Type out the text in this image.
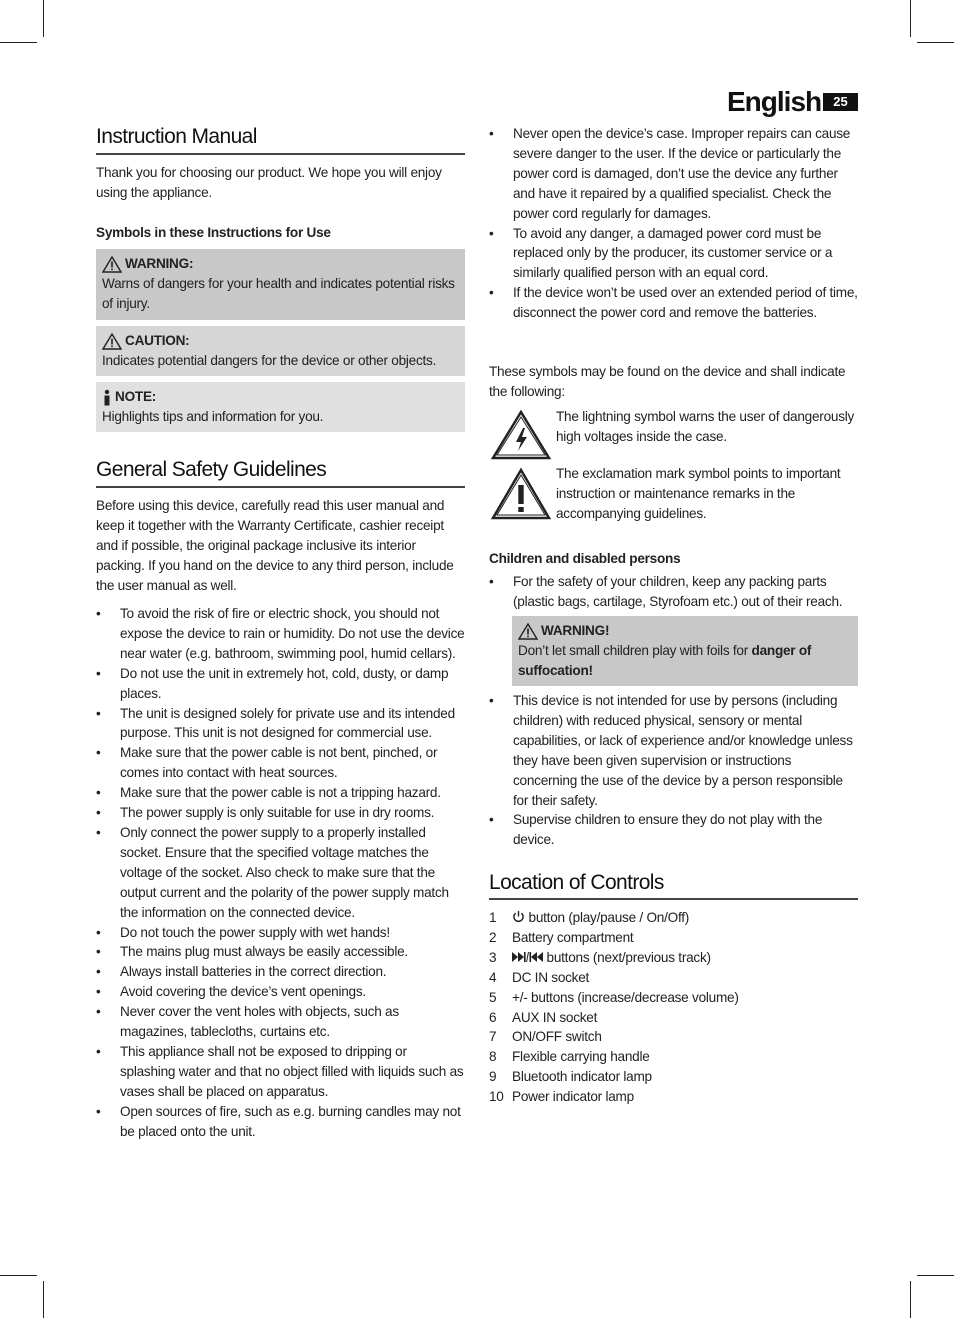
English 25
Instruction Manual
Thank you for choosing our product. We hope you will enjoy using the appliance.
Symbols in these Instructions for Use
WARNING:
Warns of dangers for your health and indicates potential risks of injury.
CAUTION:
Indicates potential dangers for the device or other objects.
NOTE:
Highlights tips and information for you.
General Safety Guidelines
Before using this device, carefully read this user manual and keep it together with the Warranty Certificate, cashier receipt and if possible, the original package inclusive its interior packing. If you hand on the device to any third person, include the user manual as well.
• To avoid the risk of fire or electric shock, you should not expose the device to rain or humidity. Do not use the device near water (e.g. bathroom, swimming pool, humid cellars).
• Do not use the unit in extremely hot, cold, dusty, or damp places.
• The unit is designed solely for private use and its intended purpose. This unit is not designed for commercial use.
• Make sure that the power cable is not bent, pinched, or comes into contact with heat sources.
• Make sure that the power cable is not a tripping hazard.
• The power supply is only suitable for use in dry rooms.
• Only connect the power supply to a properly installed socket. Ensure that the specified voltage matches the voltage of the socket. Also check to make sure that the output current and the polarity of the power supply match the information on the connected device.
• Do not touch the power supply with wet hands!
• The mains plug must always be easily accessible.
• Always install batteries in the correct direction.
• Avoid covering the device’s vent openings.
• Never cover the vent holes with objects, such as magazines, tablecloths, curtains etc.
• This appliance shall not be exposed to dripping or splashing water and that no object filled with liquids such as vases shall be placed on apparatus.
• Open sources of fire, such as e.g. burning candles may not be placed onto the unit.
• Never open the device’s case. Improper repairs can cause severe danger to the user. If the device or particularly the power cord is damaged, don’t use the device any further and have it repaired by a qualified specialist. Check the power cord regularly for damages.
• To avoid any danger, a damaged power cord must be replaced only by the producer, its customer service or a similarly qualified person with an equal cord.
• If the device won’t be used over an extended period of time, disconnect the power cord and remove the batteries.
These symbols may be found on the device and shall indicate the following:
The lightning symbol warns the user of dangerously high voltages inside the case.
The exclamation mark symbol points to important instruction or maintenance remarks in the accompanying guidelines.
Children and disabled persons
• For the safety of your children, keep any packing parts (plastic bags, cartilage, Styrofoam etc.) out of their reach.
WARNING!
Don’t let small children play with foils for danger of suffocation!
• This device is not intended for use by persons (including children) with reduced physical, sensory or mental capabilities, or lack of experience and/or knowledge unless they have been given supervision or instructions concerning the use of the device by a person responsible for their safety.
• Supervise children to ensure they do not play with the device.
Location of Controls
1	button (play/pause / On/Off)
2	Battery compartment
3	buttons (next/previous track)
4	DC IN socket
5	+/- buttons (increase/decrease volume)
6	AUX IN socket
7	ON/OFF switch
8	Flexible carrying handle
9	Bluetooth indicator lamp
10 Power indicator lamp
